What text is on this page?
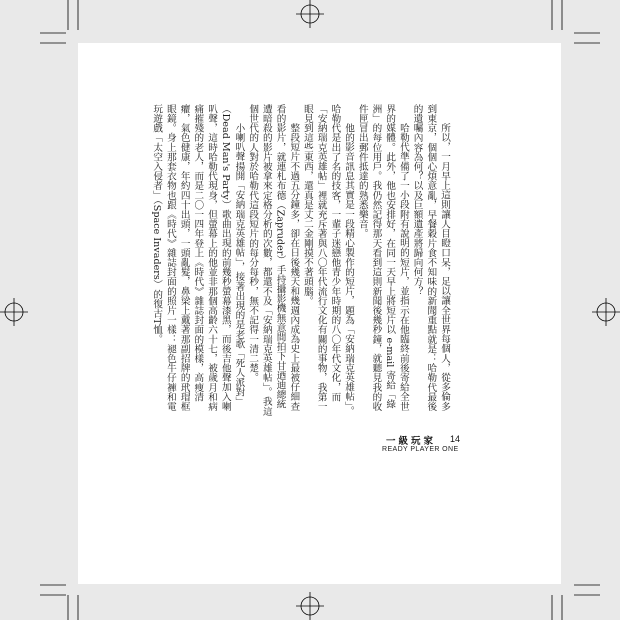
所以，一月早上這則讓人目瞪口呆，足以讓全世界每個人，從多倫多到東京，個個心煩意亂，早餐穀片食不知味的新聞重點就是：哈勒代最後的遺囑內容為何？以及巨額遺產將歸向何方？

哈勒代準備了一小段附有說明的短片，並指示在他臨終前後寄給全世界的媒體。此外，他也安排好，在同一天早上將短片以 e-mail 寄給「綠洲」的每位用戶。我仍然記得那天看到這則新聞後幾秒鐘，就聽見我的收件匣冒出郵件抵達的熟悉樂音。

他的影音訊息其實是一段精心製作的短片，題為「安納瑞克英雄帖」。哈勒代是出了名的技客，一輩子迷戀他青少年時期的八〇年代文化，而「安納瑞克英雄帖」裡就充斥著與八〇年代流行文化有關的事物，我第一眼見到這些東西，還真是丈二金剛摸不著頭腦。

整段短片不過五分鐘多，卻在日後幾天和幾週內成為史上最被仔細查看的影片，就連札布德（Zapruder）手持攝影機無意間拍下甘迺迪總統遭暗殺的影片被拿來定格分析的次數，都還不及「安納瑞克英雄帖」。我這個世代的人對於哈勒代這段短片的每分每秒，無不記得一清二楚。

小喇叭聲揚開「安納瑞克英雄帖」，接著出現的是老歌「死人派對」（Dead Man's Party）歌曲出現的前幾秒螢幕漆黑，而後吉他聲加入喇叭聲，這時哈勒代現身，但螢幕上的他並非那個高齡六十七，被歲月和病痛摧殘的老人，而是二〇一四年登上《時代》雜誌封面的模樣，高瘦清癯，氣色健康，年約四十出頭，一頭亂髮，鼻梁上戴著那副招牌的玳瑁框眼鏡。身上那套衣物也跟《時代》雜誌封面的照片一樣：褪色牛仔褲和電玩遊戲「太空入侵者」（Space Invaders）的復古T恤。

一級玩家
READY PLAYER ONE
14
